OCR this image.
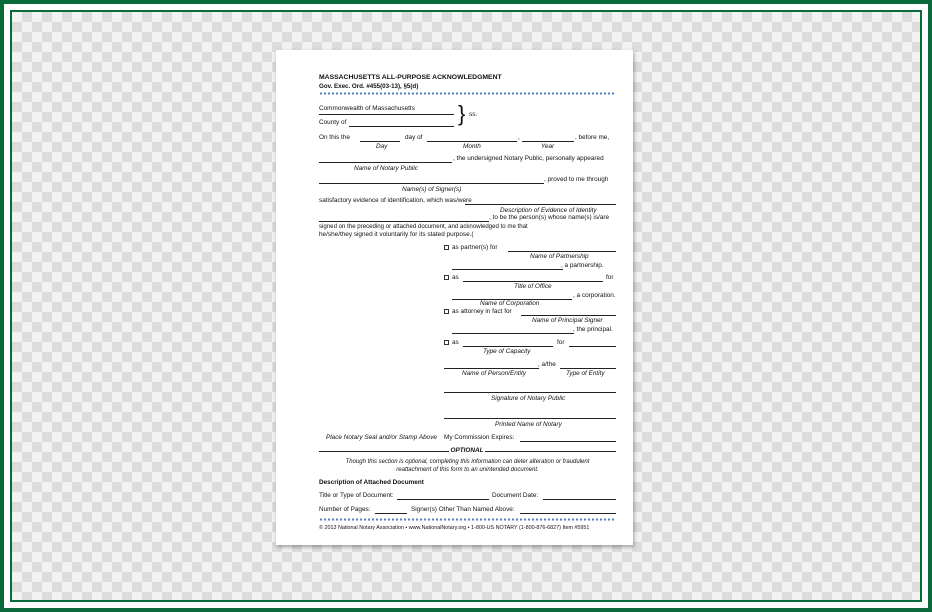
MASSACHUSETTS ALL-PURPOSE ACKNOWLEDGMENT
Gov. Exec. Ord. #455(03-13), §5(d)
Commonwealth of Massachusetts
County of	} ss.
On this the	day of	,	, before me,
Day	Month	Year
, the undersigned Notary Public, personally appeared
Name of Notary Public
, proved to me through
Name(s) of Signer(s)
satisfactory evidence of identification, which was/were
Description of Evidence of Identity
, to be the person(s) whose name(s) is/are
signed on the preceding or attached document, and acknowledged to me that
he/she/they signed it voluntarily for its stated purpose.(
as partner(s) for
Name of Partnership
, a partnership.
as	for
Title of Office
, a corporation.
Name of Corporation
as attorney in fact for
Name of Principal Signer
, the principal.
as	for
Type of Capacity
, a/the
Name of Person/Entity	Type of Entity
Signature of Notary Public
Printed Name of Notary
Place Notary Seal and/or Stamp Above My Commission Expires:
OPTIONAL
Though this section is optional, completing this information can deter alteration or fraudulent
reattachment of this form to an unintended document.
Description of Attached Document
Title or Type of Document:	Document Date:
Number of Pages:	Signer(s) Other Than Named Above:
© 2013 National Notary Association • www.NationalNotary.org • 1-800-US NOTARY (1-800-876-6827) Item #5951
